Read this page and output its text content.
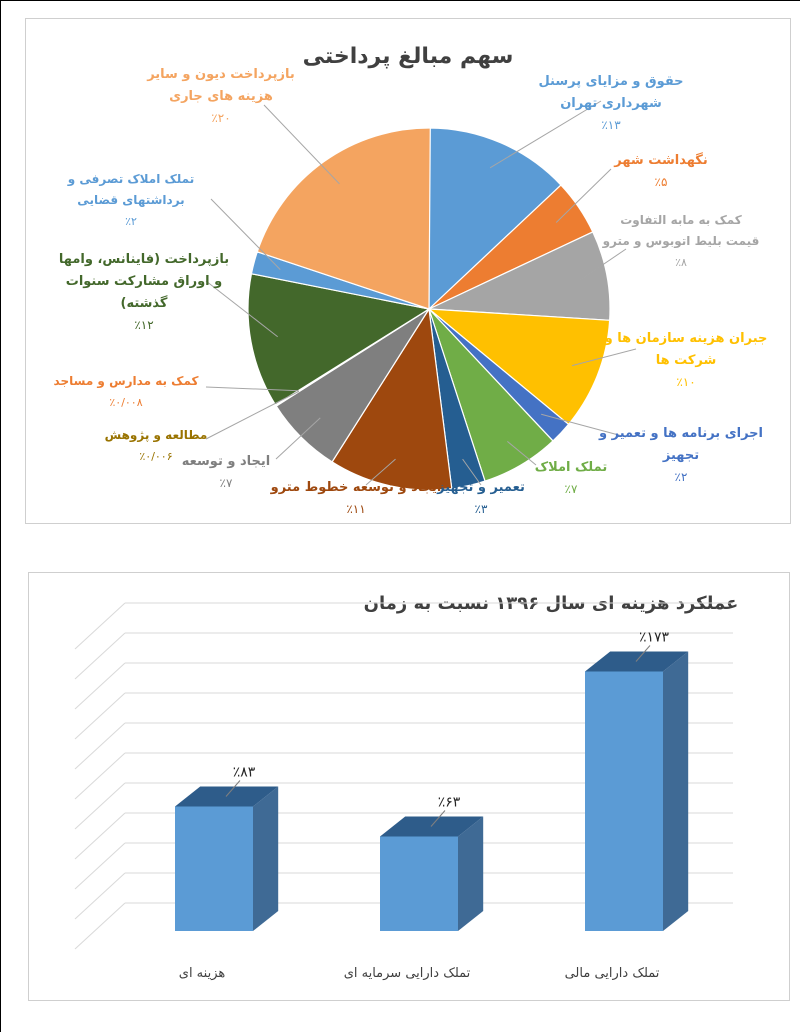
سهم مبالغ پرداختی
حقوق و مزایای پرسنل
شهرداری تهران
٪۱۳
نگهداشت شهر
٪۵
کمک به مابه التفاوت
قیمت بلیط اتوبوس و مترو
٪۸
جبران هزینه سازمان ها و
شرکت ها
٪۱۰
اجرای برنامه ها و تعمیر و
تجهیز
٪۲
تملک املاک
٪۷
تعمیر و تجهیز
٪۳
ایجاد و توسعه خطوط مترو
٪۱۱
ایجاد و توسعه
٪۷
مطالعه و پژوهش
٪۰/۰۰۶
کمک به مدارس و مساجد
٪۰/۰۰۸
بازپرداخت (فاینانس، وامها
و اوراق مشارکت سنوات
گذشته)
٪۱۲
تملک املاک تصرفی و
برداشتهای قضایی
٪۲
بازپرداخت دیون و سایر
هزینه های جاری
٪۲۰
عملکرد هزینه ای سال ۱۳۹۶ نسبت به زمان
٪۸۳
هزینه ای
٪۶۳
تملک دارایی سرمایه ای
٪۱۷۳
تملک دارایی مالی
